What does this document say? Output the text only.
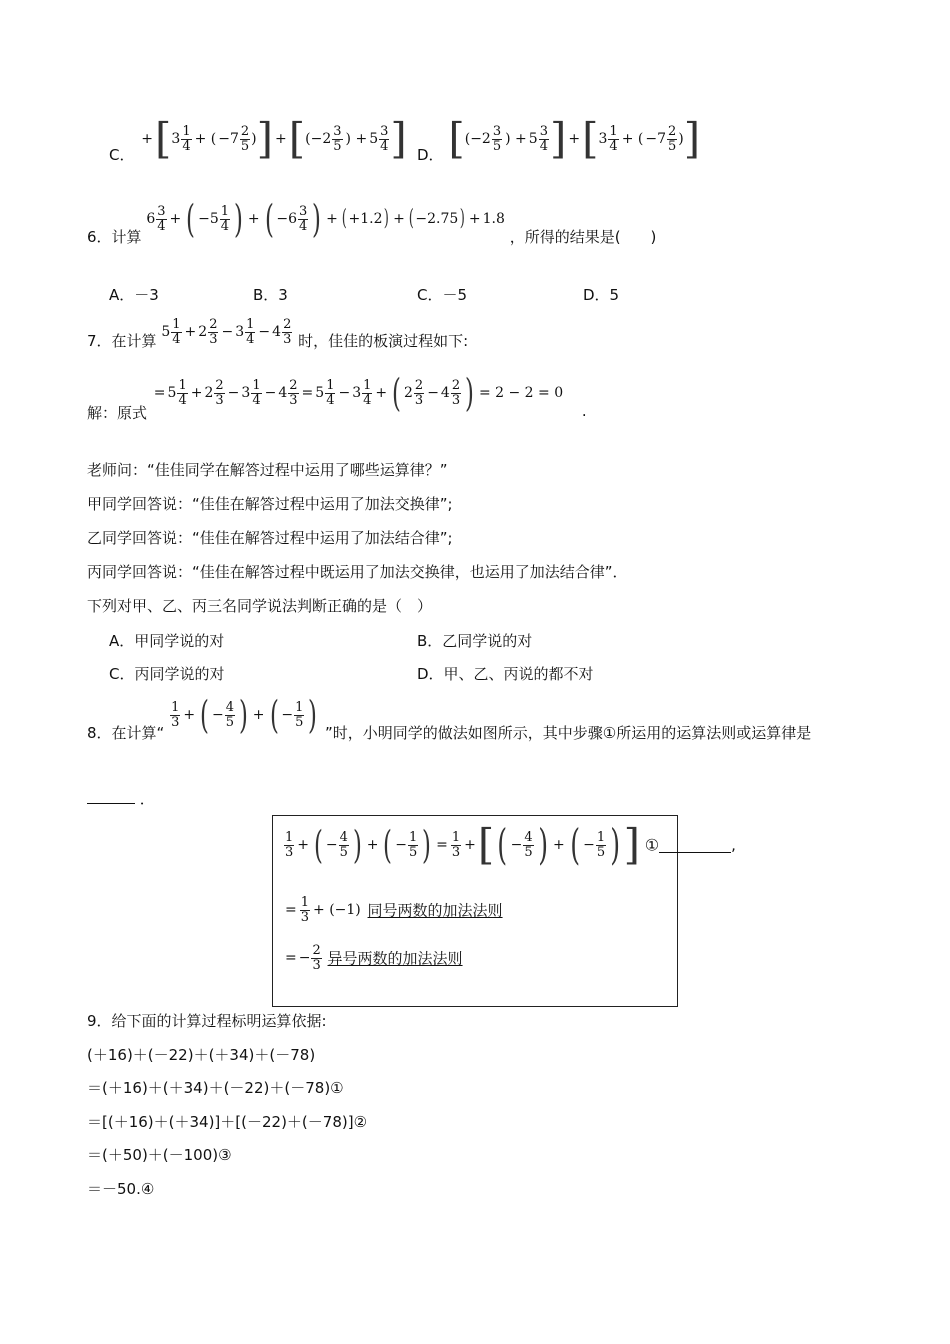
C．
+ [ 3 1
4 + ( −7 2
5 ) ] + [ ( −2 3
5 ) + 5 3
4 ] D． [ ( −2 3
5 ) + 5 3
4 ] + [ 3 1
4 + ( −7 2
5 ) ]
6．计算
6 3
4 + ( −5 1
4 ) + ( −6 3
4 ) + ( +1.2 ) + ( −2.75 ) + 1.8
，所得的结果是(　　)
A．－3	B．3	C．－5	D．5
7．在计算 5 1
4 + 2 2
3 − 3 1
4 − 4 2
3 时，佳佳的板演过程如下:
解：原式
= 5 1
4 + 2 2
3 − 3 1
$4 - 4 \frac{2}{3} = 5$ 1
4 − 3 1
4 + ( 2 2
3 − 4 2
3 ) = 2 − 2 = 0
.
老师问：“佳佳同学在解答过程中运用了哪些运算律？”
甲同学回答说：“佳佳在解答过程中运用了加法交换律”;
乙同学回答说：“佳佳在解答过程中运用了加法结合律”;
丙同学回答说：“佳佳在解答过程中既运用了加法交换律，也运用了加法结合律”．
下列对甲、乙、丙三名同学说法判断正确的是（　）
A．甲同学说的对	B．乙同学说的对
C．丙同学说的对	D．甲、乙、丙说的都不对
8．在计算“
1
3 + ( − $\frac{4}{5}$ ) + ( − $\frac{1}{5}$ ) ”时，小明同学的做法如图所示，其中步骤①所运用的运算法则或运算律是
．
1
3 + ( − $\frac{4}{5}$ ) + ( − $\frac{1}{5}$ ) = $\frac{1}{3}$ + [ ( − $\frac{4}{5}$ ) + ( − $\frac{1}{5}$ ) ] ①	,
= $\frac{1}{3} + (-1)$ 同号两数的加法法则
= − $\frac{2}{3}$ 异号两数的加法法则
9．给下面的计算过程标明运算依据:
(＋16)＋(－22)＋(＋34)＋(－78)
＝(＋16)＋(＋34)＋(－22)＋(－78)①
＝[(＋16)＋(＋34)]＋[(－22)＋(－78)]②
＝(＋50)＋(－100)③
＝－50.④
